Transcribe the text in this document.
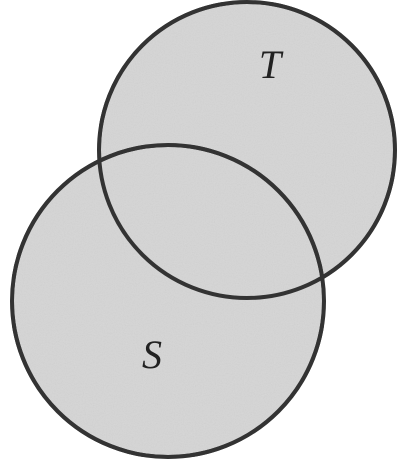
T
S
